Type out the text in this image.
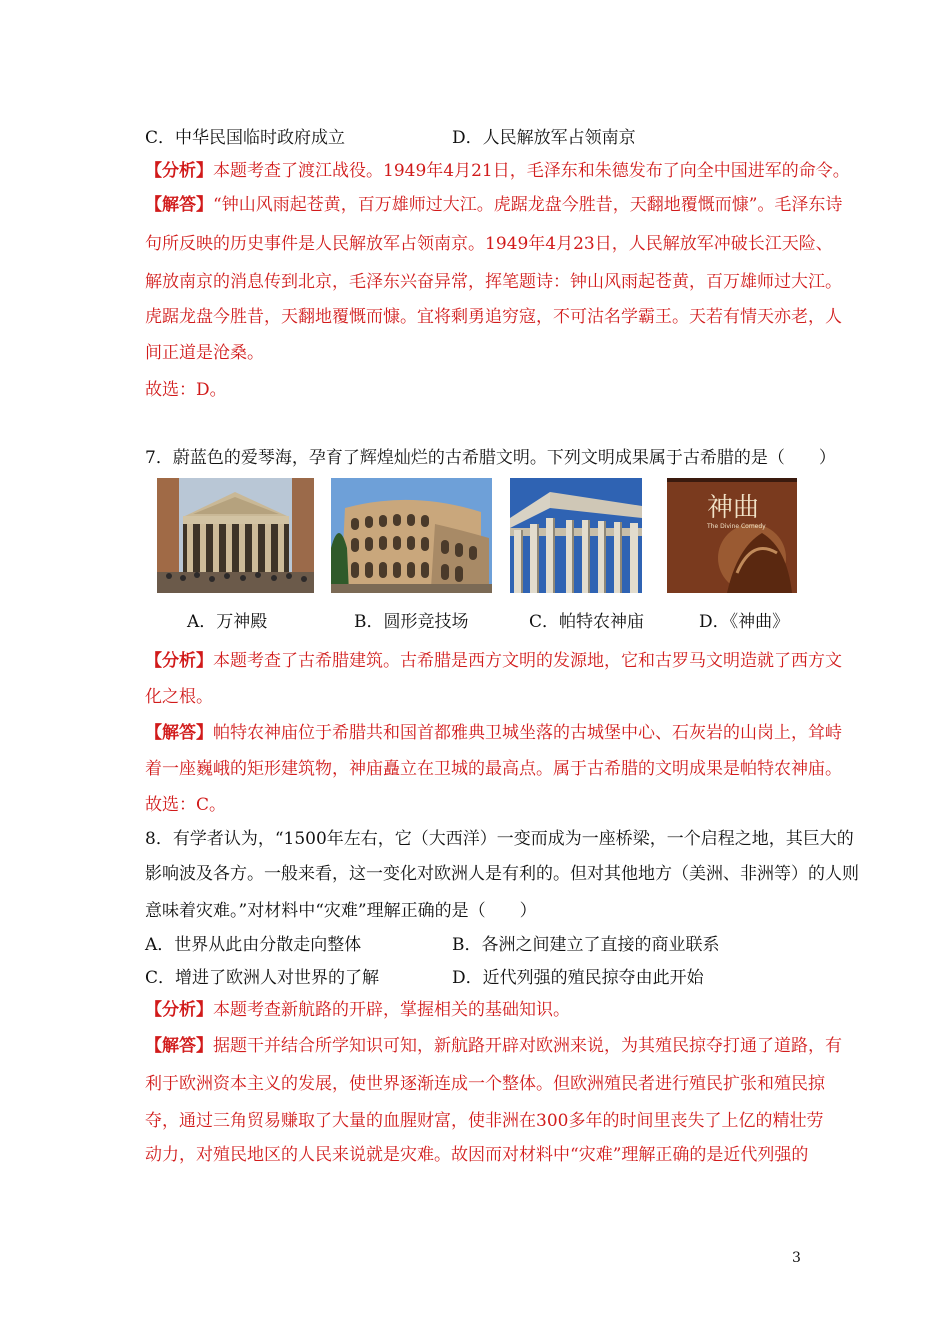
C．中华民国临时政府成立	D．人民解放军占领南京
【分析】本题考查了渡江战役。1949年4月21日，毛泽东和朱德发布了向全中国进军的命令。
【解答】“钟山风雨起苍黄，百万雄师过大江。虎踞龙盘今胜昔，天翻地覆慨而慷”。毛泽东诗
句所反映的历史事件是人民解放军占领南京。1949年4月23日，人民解放军冲破长江天险、
解放南京的消息传到北京，毛泽东兴奋异常，挥笔题诗：钟山风雨起苍黄，百万雄师过大江。
虎踞龙盘今胜昔，天翻地覆慨而慷。宜将剩勇追穷寇，不可沽名学霸王。天若有情天亦老，人
间正道是沧桑。
故选：D。
7．蔚蓝色的爱琴海，孕育了辉煌灿烂的古希腊文明。下列文明成果属于古希腊的是（　　）
神曲
The Divine Comedy
A．万神殿	B．圆形竞技场	C．帕特农神庙	D．《神曲》
【分析】本题考查了古希腊建筑。古希腊是西方文明的发源地，它和古罗马文明造就了西方文
化之根。
【解答】帕特农神庙位于希腊共和国首都雅典卫城坐落的古城堡中心、石灰岩的山岗上，耸峙
着一座巍峨的矩形建筑物，神庙矗立在卫城的最高点。属于古希腊的文明成果是帕特农神庙。
故选：C。
8．有学者认为，“1500年左右，它（大西洋）一变而成为一座桥梁，一个启程之地，其巨大的
影响波及各方。一般来看，这一变化对欧洲人是有利的。但对其他地方（美洲、非洲等）的人则
意味着灾难。”对材料中“灾难”理解正确的是（　　）
A．世界从此由分散走向整体	B．各洲之间建立了直接的商业联系
C．增进了欧洲人对世界的了解	D．近代列强的殖民掠夺由此开始
【分析】本题考查新航路的开辟，掌握相关的基础知识。
【解答】据题干并结合所学知识可知，新航路开辟对欧洲来说，为其殖民掠夺打通了道路，有
利于欧洲资本主义的发展，使世界逐渐连成一个整体。但欧洲殖民者进行殖民扩张和殖民掠
夺，通过三角贸易赚取了大量的血腥财富，使非洲在300多年的时间里丧失了上亿的精壮劳
动力，对殖民地区的人民来说就是灾难。故因而对材料中“灾难”理解正确的是近代列强的
3
